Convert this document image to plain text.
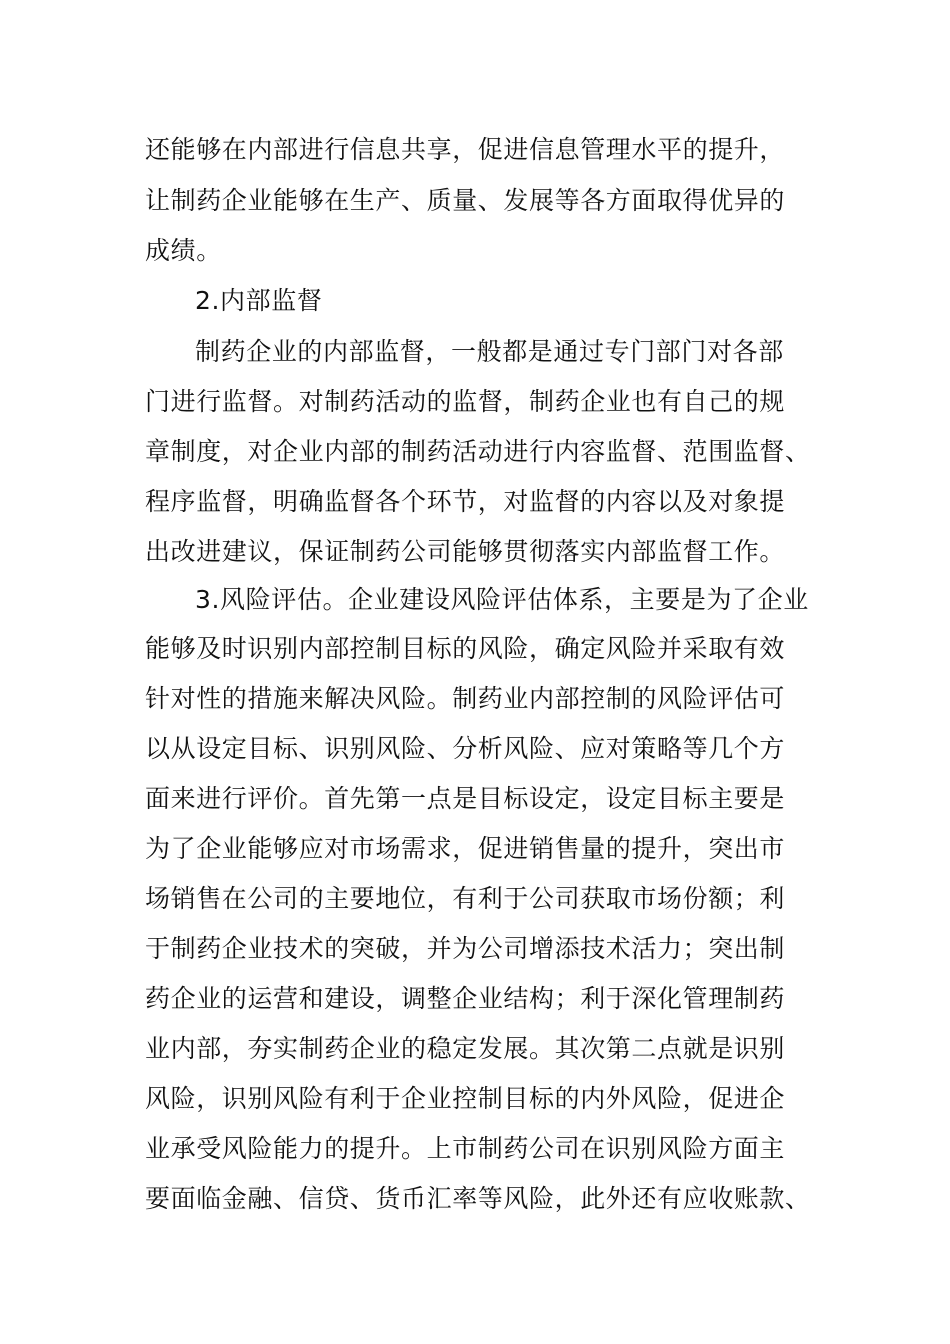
还能够在内部进行信息共享，促进信息管理水平的提升，
让制药企业能够在生产、质量、发展等各方面取得优异的
成绩。
2.内部监督
制药企业的内部监督，一般都是通过专门部门对各部
门进行监督。对制药活动的监督，制药企业也有自己的规
章制度，对企业内部的制药活动进行内容监督、范围监督、
程序监督，明确监督各个环节，对监督的内容以及对象提
出改进建议，保证制药公司能够贯彻落实内部监督工作。
3.风险评估。企业建设风险评估体系，主要是为了企业
能够及时识别内部控制目标的风险，确定风险并采取有效
针对性的措施来解决风险。制药业内部控制的风险评估可
以从设定目标、识别风险、分析风险、应对策略等几个方
面来进行评价。首先第一点是目标设定，设定目标主要是
为了企业能够应对市场需求，促进销售量的提升，突出市
场销售在公司的主要地位，有利于公司获取市场份额；利
于制药企业技术的突破，并为公司增添技术活力；突出制
药企业的运营和建设，调整企业结构；利于深化管理制药
业内部，夯实制药企业的稳定发展。其次第二点就是识别
风险，识别风险有利于企业控制目标的内外风险，促进企
业承受风险能力的提升。上市制药公司在识别风险方面主
要面临金融、信贷、货币汇率等风险，此外还有应收账款、
